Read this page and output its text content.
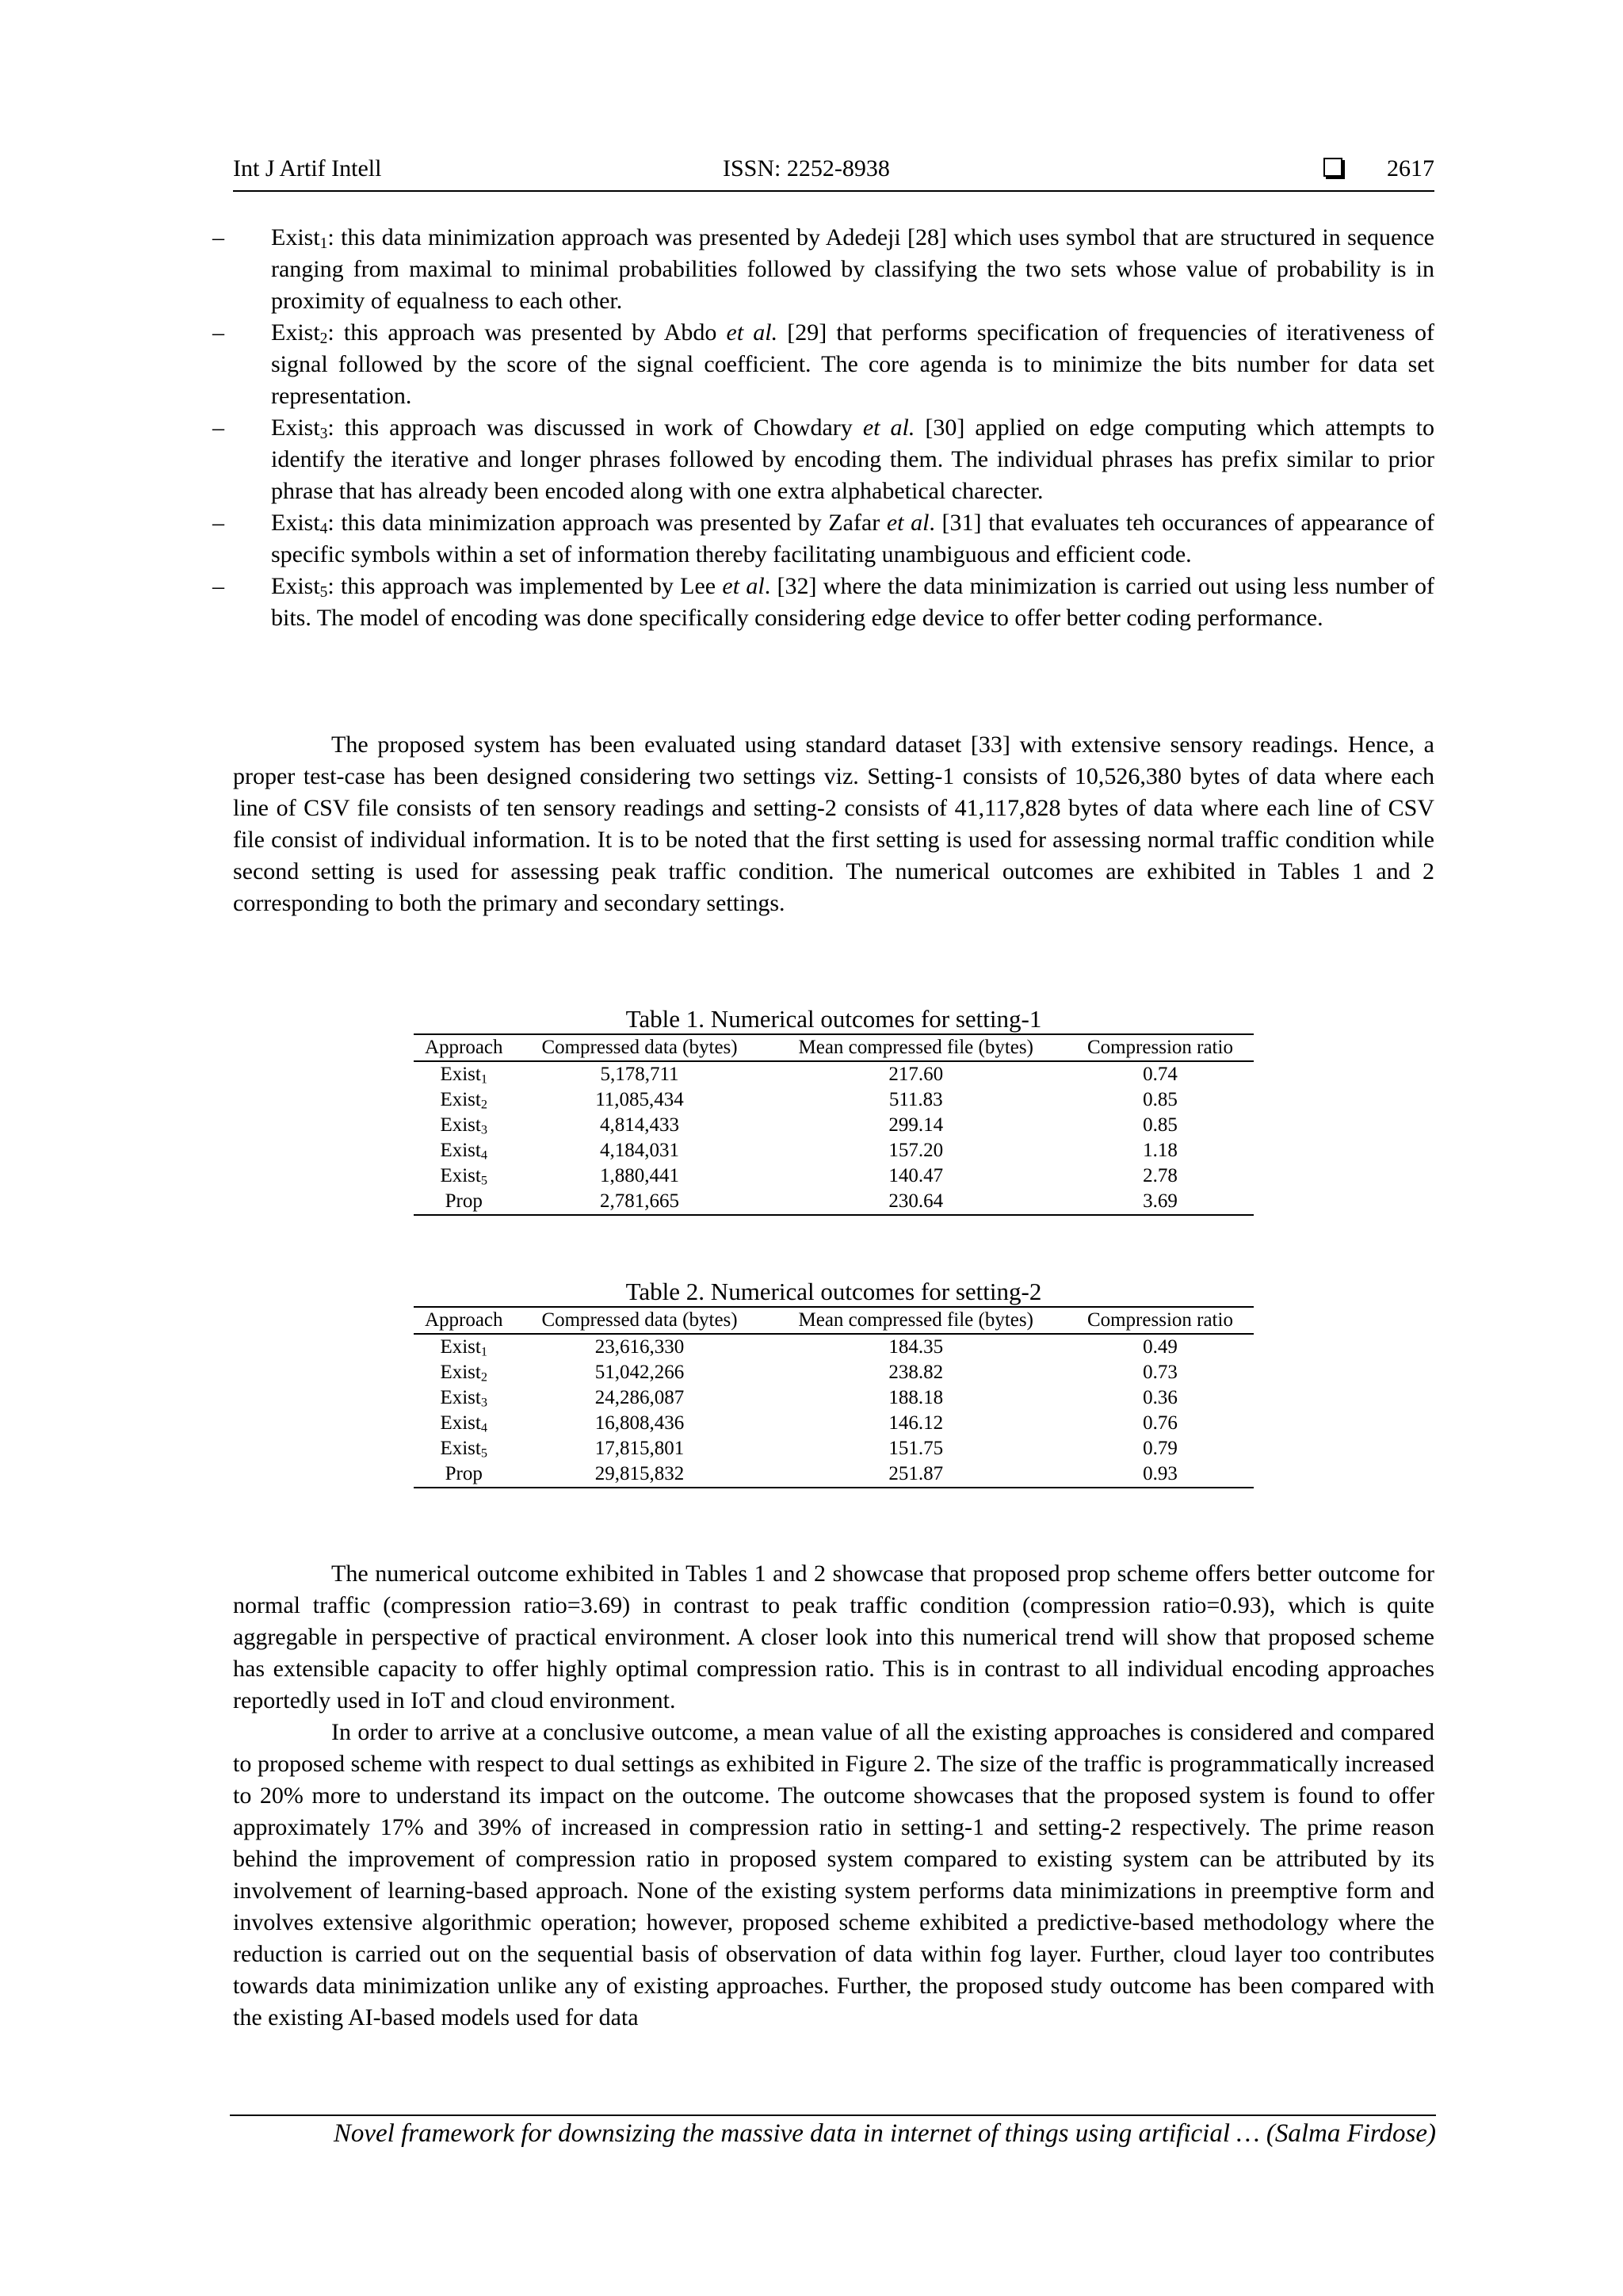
Int J Artif Intell	ISSN: 2252-8938	2617
– Exist$_1$: this data minimization approach was presented by Adedeji [28] which uses symbol that are structured in sequence ranging from maximal to minimal probabilities followed by classifying the two sets whose value of probability is in proximity of equalness to each other.
– Exist$_2$: this approach was presented by Abdo et al. [29] that performs specification of frequencies of iterativeness of signal followed by the score of the signal coefficient. The core agenda is to minimize the bits number for data set representation.
– Exist$_3$: this approach was discussed in work of Chowdary et al. [30] applied on edge computing which attempts to identify the iterative and longer phrases followed by encoding them. The individual phrases has prefix similar to prior phrase that has already been encoded along with one extra alphabetical charecter.
– Exist$_4$: this data minimization approach was presented by Zafar et al. [31] that evaluates teh occurances of appearance of specific symbols within a set of information thereby facilitating unambiguous and efficient code.
– Exist$_5$: this approach was implemented by Lee et al. [32] where the data minimization is carried out using less number of bits. The model of encoding was done specifically considering edge device to offer better coding performance.

The proposed system has been evaluated using standard dataset [33] with extensive sensory readings. Hence, a proper test-case has been designed considering two settings viz. Setting-1 consists of 10,526,380 bytes of data where each line of CSV file consists of ten sensory readings and setting-2 consists of 41,117,828 bytes of data where each line of CSV file consist of individual information. It is to be noted that the first setting is used for assessing normal traffic condition while second setting is used for assessing peak traffic condition. The numerical outcomes are exhibited in Tables 1 and 2 corresponding to both the primary and secondary settings.

Table 1. Numerical outcomes for setting-1
Approach	Compressed data (bytes)	Mean compressed file (bytes)	Compression ratio
Exist$_1$	5,178,711	217.60	0.74
Exist$_2$	11,085,434	511.83	0.85
Exist$_3$	4,814,433	299.14	0.85
Exist$_4$	4,184,031	157.20	1.18
Exist$_5$	1,880,441	140.47	2.78
Prop	2,781,665	230.64	3.69
Table 2. Numerical outcomes for setting-2
Approach	Compressed data (bytes)	Mean compressed file (bytes)	Compression ratio
Exist$_1$	23,616,330	184.35	0.49
Exist$_2$	51,042,266	238.82	0.73
Exist$_3$	24,286,087	188.18	0.36
Exist$_4$	16,808,436	146.12	0.76
Exist$_5$	17,815,801	151.75	0.79
Prop	29,815,832	251.87	0.93

The numerical outcome exhibited in Tables 1 and 2 showcase that proposed prop scheme offers better outcome for normal traffic (compression ratio=3.69) in contrast to peak traffic condition (compression ratio=0.93), which is quite aggregable in perspective of practical environment. A closer look into this numerical trend will show that proposed scheme has extensible capacity to offer highly optimal compression ratio. This is in contrast to all individual encoding approaches reportedly used in IoT and cloud environment.

In order to arrive at a conclusive outcome, a mean value of all the existing approaches is considered and compared to proposed scheme with respect to dual settings as exhibited in Figure 2. The size of the traffic is programmatically increased to 20% more to understand its impact on the outcome. The outcome showcases that the proposed system is found to offer approximately 17% and 39% of increased in compression ratio in setting-1 and setting-2 respectively. The prime reason behind the improvement of compression ratio in proposed system compared to existing system can be attributed by its involvement of learning-based approach. None of the existing system performs data minimizations in preemptive form and involves extensive algorithmic operation; however, proposed scheme exhibited a predictive-based methodology where the reduction is carried out on the sequential basis of observation of data within fog layer. Further, cloud layer too contributes towards data minimization unlike any of existing approaches. Further, the proposed study outcome has been compared with the existing AI-based models used for data

Novel framework for downsizing the massive data in internet of things using artificial … (Salma Firdose)
